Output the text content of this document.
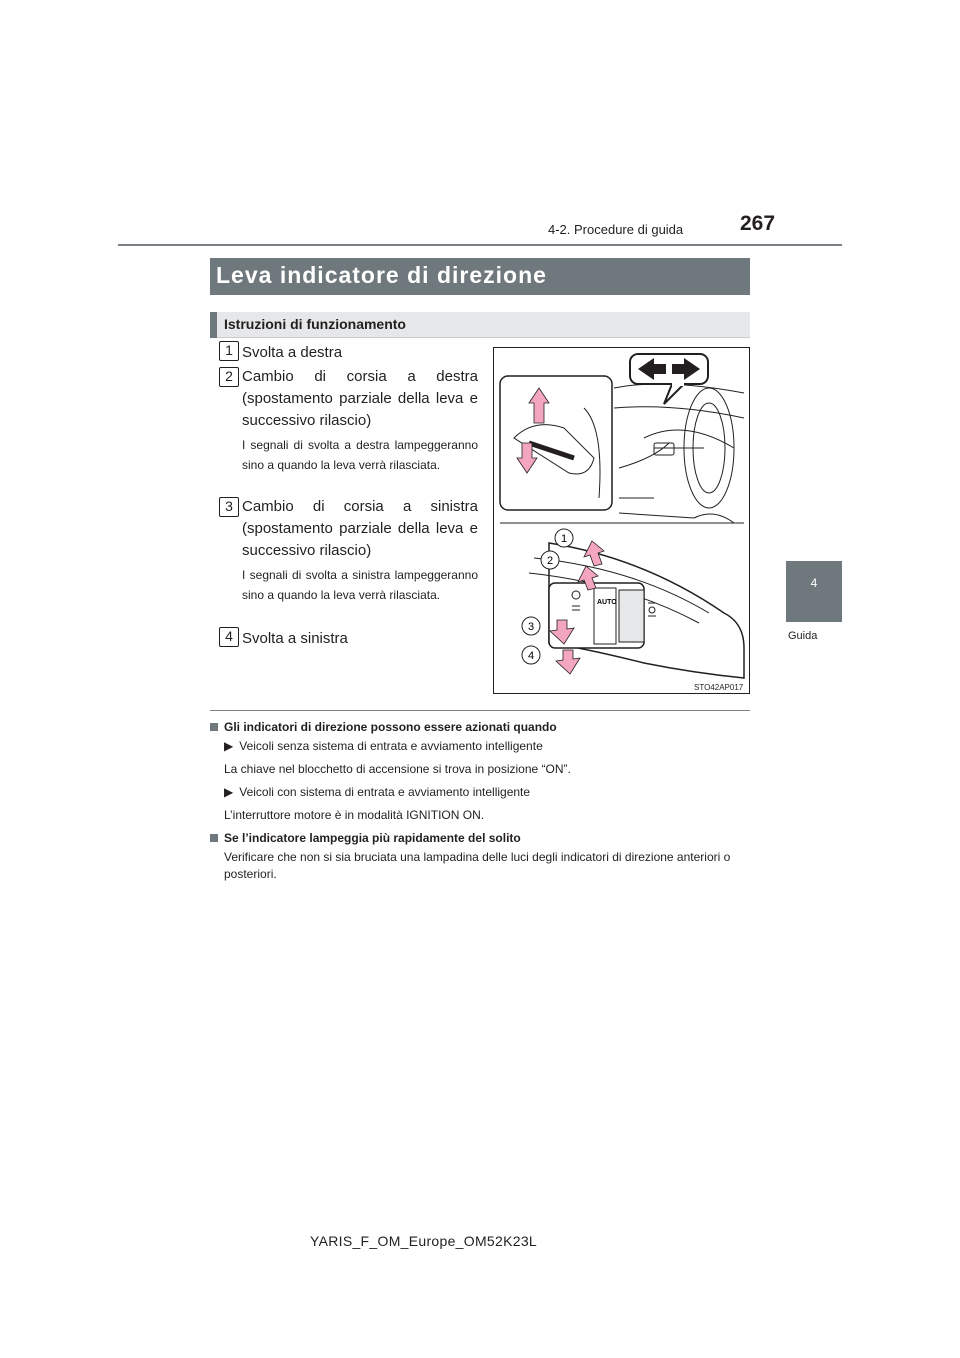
4-2. Procedure di guida	267
4
Guida
Leva indicatore di direzione
Istruzioni di funzionamento
1 Svolta a destra
2 Cambio di corsia a destra (spostamento parziale della leva e successivo rilascio)
I segnali di svolta a destra lampeggeranno sino a quando la leva verrà rilasciata.
3 Cambio di corsia a sinistra (spostamento parziale della leva e successivo rilascio)
I segnali di svolta a sinistra lampeggeranno sino a quando la leva verrà rilasciata.
4 Svolta a sinistra
AUTO
1
2
3
4
STO42AP017
Gli indicatori di direzione possono essere azionati quando
▶ Veicoli senza sistema di entrata e avviamento intelligente
La chiave nel blocchetto di accensione si trova in posizione “ON”.
▶ Veicoli con sistema di entrata e avviamento intelligente
L’interruttore motore è in modalità IGNITION ON.
Se l’indicatore lampeggia più rapidamente del solito
Verificare che non si sia bruciata una lampadina delle luci degli indicatori di direzione anteriori o posteriori.
YARIS_F_OM_Europe_OM52K23L
